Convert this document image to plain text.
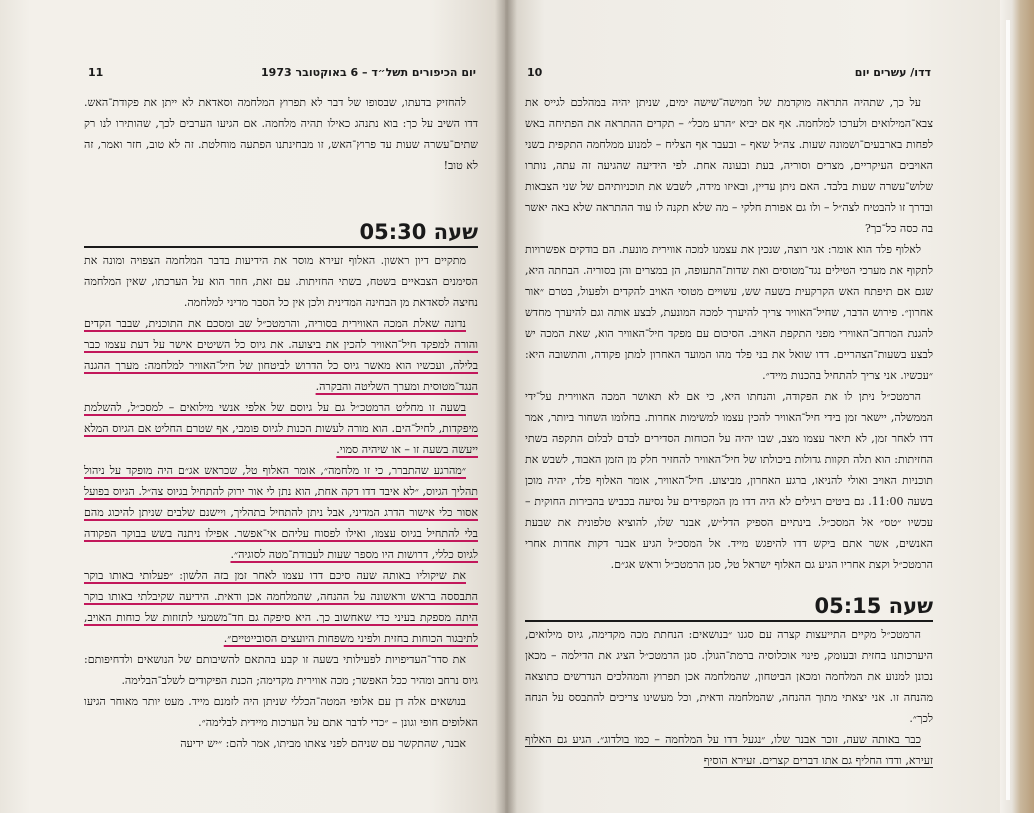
יום הכיפורים תשל״ד – 6 באוקטובר 1973
11

להחזיק בדעתו, שבסופו של דבר לא תפרוץ המלחמה וסאדאת לא ייתן את פקודת־האש. דדו השיב על כך: בוא נתנהג כאילו תהיה מלחמה. אם הגיעו הערבים לכך, שהותירו לנו רק שתים־עשרה שעות עד פרוץ־האש, זו מבחינתנו הפתעה מוחלטת. זה לא טוב, חזר ואמר, זה לא טוב!

שעה 05:30

מתקיים דיון ראשון. האלוף זעירא מוסר את הידיעות בדבר המלחמה הצפויה ומונה את הסימנים הצבאיים בשטח, בשתי החזיתות. עם זאת, חוזר הוא על הערכתו, שאין המלחמה נחיצה לסאדאת מן הבחינה המדינית ולכן אין כל הסבר מדיני למלחמה.

נדונה שאלת המכה האווירית בסוריה, והרמטכ״ל שב ומסכם את התוכנית, שבבר הקדים והורה למפקד חיל־האוויר להכין את ביצועה. את גיוס כל השיטים אישר על דעת עצמו כבר בלילה, ועכשיו הוא מאשר גיוס כל הדרוש לביטחון של חיל־האוויר למלחמה: מערך ההגנה הנגד־מטוסית ומערך השליטה והבקרה.

בשעה זו מחליט הרמטכ״ל גם על גיוסם של אלפי אנשי מילואים – למסכ״ל, להשלמת מיפקדות, לחיל־הים. הוא מורה לעשות הכנות לגיוס פומבי, אף שטרם החליט אם הגיוס המלא ייעשה בשעה זו – או שיהיה סמוי.

״מהרגע שהתברר, כי זו מלחמה״, אומר האלוף טל, שכראש אג״ם היה מופקד על ניהול תהליך הגיוס, ״לא איבד דדו דקה אחת, הוא נתן לי אור ירוק להתחיל בגיוס צה״ל. הגיוס בפועל אסור כלי אישור הדרג המדיני, אבל ניתן להתחיל בתהליך, ויישנם שלבים שניתן להיכוג מהם בלי להתחיל בגיוס עצמו, ואילו לפסוח עליהם אי־אפשר. אפילו ניתנה בשש בבוקר הפקודה לגיוס כללי, דרושות היו מספר שעות לעבודת־מטה לסוגיה״.

את שיקוליו באותה שעה סיכם דדו עצמו לאחר זמן בזה הלשון: ״פעלותי באותו בוקר התבססה בראש וראשונה על ההנחה, שהמלחמה אכן ודאית. הידיעה שקיבלתי באותו בוקר היתה מספקת בעיני כדי שאחשוב כך. היא סיפקה גם חד־משמעי לתזוזות של כוחות האויב, לתיבגור הכוחות בחזית ולפיני משפחות היועצים הסובייטיים״.

את סדר־העדיפויות לפעילותי בשעה זו קבע בהתאם להשיבותם של הנושאים ולדחיפותם: גיוס נרחב ומהיר ככל האפשר; מכה אווירית מקדימה; הכנת הפיקודים לשלב־הבלימה.

בנושאים אלה דן עם אלופי המטה־הכללי שניתן היה לזמנם מייד. מעט יותר מאוחר הגיעו האלופים חופי וגונן – ״כדי לדבר אתם על הערכות מיידית לבלימה״.

אבנר, שהתקשר עם שניהם לפני צאתו מביתו, אמר להם: ״יש ידיעה

דדו/ עשרים יום
10

על כך, שתהיה התראה מוקדמת של חמישה־שישה ימים, שניתן יהיה במהלכם לגייס את צבא־המילואים ולערכו למלחמה. אף אם יביא ״הרע מכל״ – תקדים ההתראה את הפתיחה באש לפחות בארבעים־ושמונה שעות. צה״ל שאף – ובעבר אף הצליח – למנוע ממלחמה התקפית בשני האויבים העיקריים, מצרים וסוריה, בעת ובעונה אחת. לפי הידיעה שהגיעה זה עתה, נותרו שלוש־עשרה שעות בלבד. האם ניתן עדיין, ובאיזו מידה, לשבש את תוכניותיהם של שני הצבאות ובדרך זו להבטיח לצה״ל – ולו גם אפורת חלקי – מה שלא תקנה לו עוד ההתראה שלא באה יאשר בה כסה כל־כך?

לאלוף פלד הוא אומר: אני רוצה, שנכין את עצמנו למכה אווירית מונעת. הם בודקים אפשרויות לתקוף את מערכי הטילים נגד־מטוסים ואת שדות־התעופה, הן במצרים והן בסוריה. הבחתה היא, שגם אם תיפתח האש הקרקעית בשעה שש, עשויים מטוסי האויב להקדים ולפעול, בטרם ״אור אחרון״. פירוש הדבר, שחיל־האוויר צריך להיערך למכה המונעת, לבצע אותה וגם להיערך מחדש להגנת המרחב־האווירי מפני התקפת האויב. הסיכום עם מפקד חיל־האוויר הוא, שאת המכה יש לבצע בשעות־הצהריים. דדו שואל את בני פלד מהו המועד האחרון למתן פקודה, והתשובה היא: ״עכשיו. אני צריך להתחיל בהכנות מייד״.

הרמטכ״ל ניתן לו את הפקודה, והנחתו היא, כי אם לא תאושר המכה האווירית על־ידי הממשלה, יישאר זמן בידי חיל־האוויר להכין עצמו למשימות אחרות. בחלומו השחור ביותר, אמר דדו לאחר זמן, לא תיאר עצמו מצב, שבו יהיה על הכוחות הסדירים לבדם לבלום התקפה בשתי החזיתות: הוא תלה תקוות גדולות ביכולתו של חיל־האוויר להחזיר חלק מן הזמן האבוד, לשבש את תוכניות האויב ואולי להניאו, ברגע האחרון, מביצוע. חיל־האוויר, אומר האלוף פלד, יהיה מוכן בשעה 11:00. גם ביטים רגילים לא היה דדו מן המקפידים על נסיעה בכביש בהבירות החוקית – עכשיו ״טס״ אל המסכ״ל. בינתיים הספיק הדל״ש, אבנר שלו, להוציא טלפונית את שבעת האנשים, אשר אתם ביקש דדו להיפגש מייד. אל המסכ״ל הגיע אבנר דקות אחדות אחרי הרמטכ״ל וקצת אחריו הגיע גם האלוף ישראל טל, סגן הרמטכ״ל וראש אג״ם.

שעה 05:15

הרמטכ״ל מקיים התייעצות קצרה עם סגנו ״בנושאים: הנחתת מכה מקדימה, גיוס מילואים, היערכותנו בחזית ובעומק, פינוי אוכלוסיה ברמת־הגולן. סגן הרמטכ״ל הציג את הדילמה – מכאן נכונן למנוע את המלחמה ומכאן הביטחון, שהמלחמה אכן תפרוץ והמהלכים הנדרשים כתוצאה מהנחה זו. אני יצאתי מתוך ההנחה, שהמלחמה ודאית, וכל מעשינו צריכים להתבסס על הנחה לכך״.

כבר באותה שעה, זוכר אבנר שלו, ״נגעל דדו על המלחמה – כמו בולדוג״. הגיע גם האלוף זעירא, ודדו החליף גם אתו דברים קצרים. זעירא הוסיף
